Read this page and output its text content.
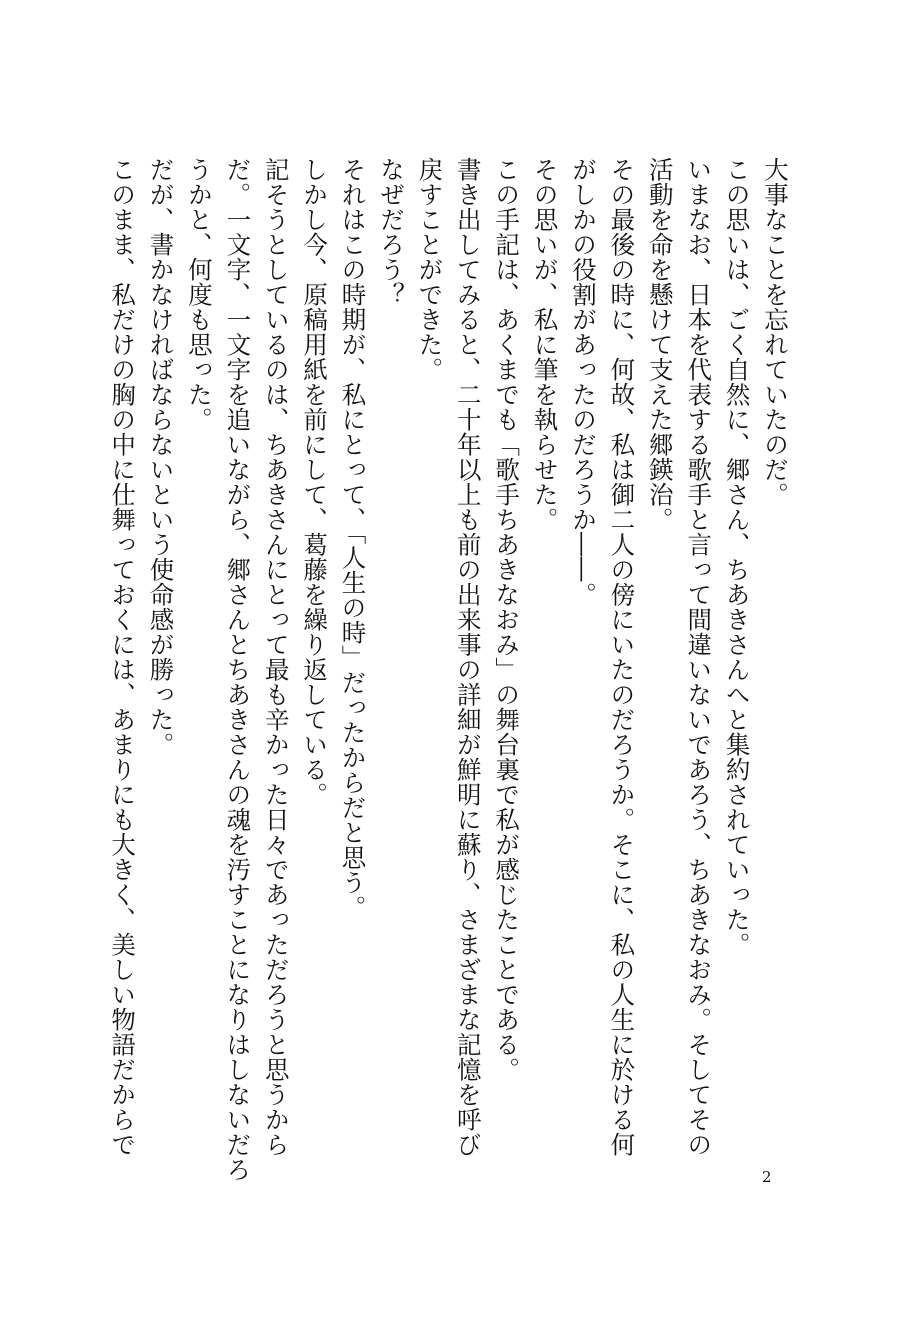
大事なことを忘れていたのだ。
この思いは、ごく自然に、郷さん、ちあきさんへと集約されていった。
いまなお、日本を代表する歌手と言って間違いないであろう、ちあきなおみ。そしてその
活動を命を懸けて支えた郷鍈治。
その最後の時に、何故、私は御二人の傍にいたのだろうか。そこに、私の人生に於ける何
がしかの役割があったのだろうか――。
その思いが、私に筆を執らせた。
この手記は、あくまでも「歌手ちあきなおみ」の舞台裏で私が感じたことである。
書き出してみると、二十年以上も前の出来事の詳細が鮮明に蘇り、さまざまな記憶を呼び
戻すことができた。
なぜだろう？
それはこの時期が、私にとって、「人生の時」だったからだと思う。
しかし今、原稿用紙を前にして、葛藤を繰り返している。
記そうとしているのは、ちあきさんにとって最も辛かった日々であっただろうと思うから
だ。一文字、一文字を追いながら、郷さんとちあきさんの魂を汚すことになりはしないだろ
うかと、何度も思った。
だが、書かなければならないという使命感が勝った。
このまま、私だけの胸の中に仕舞っておくには、あまりにも大きく、美しい物語だからで
2
